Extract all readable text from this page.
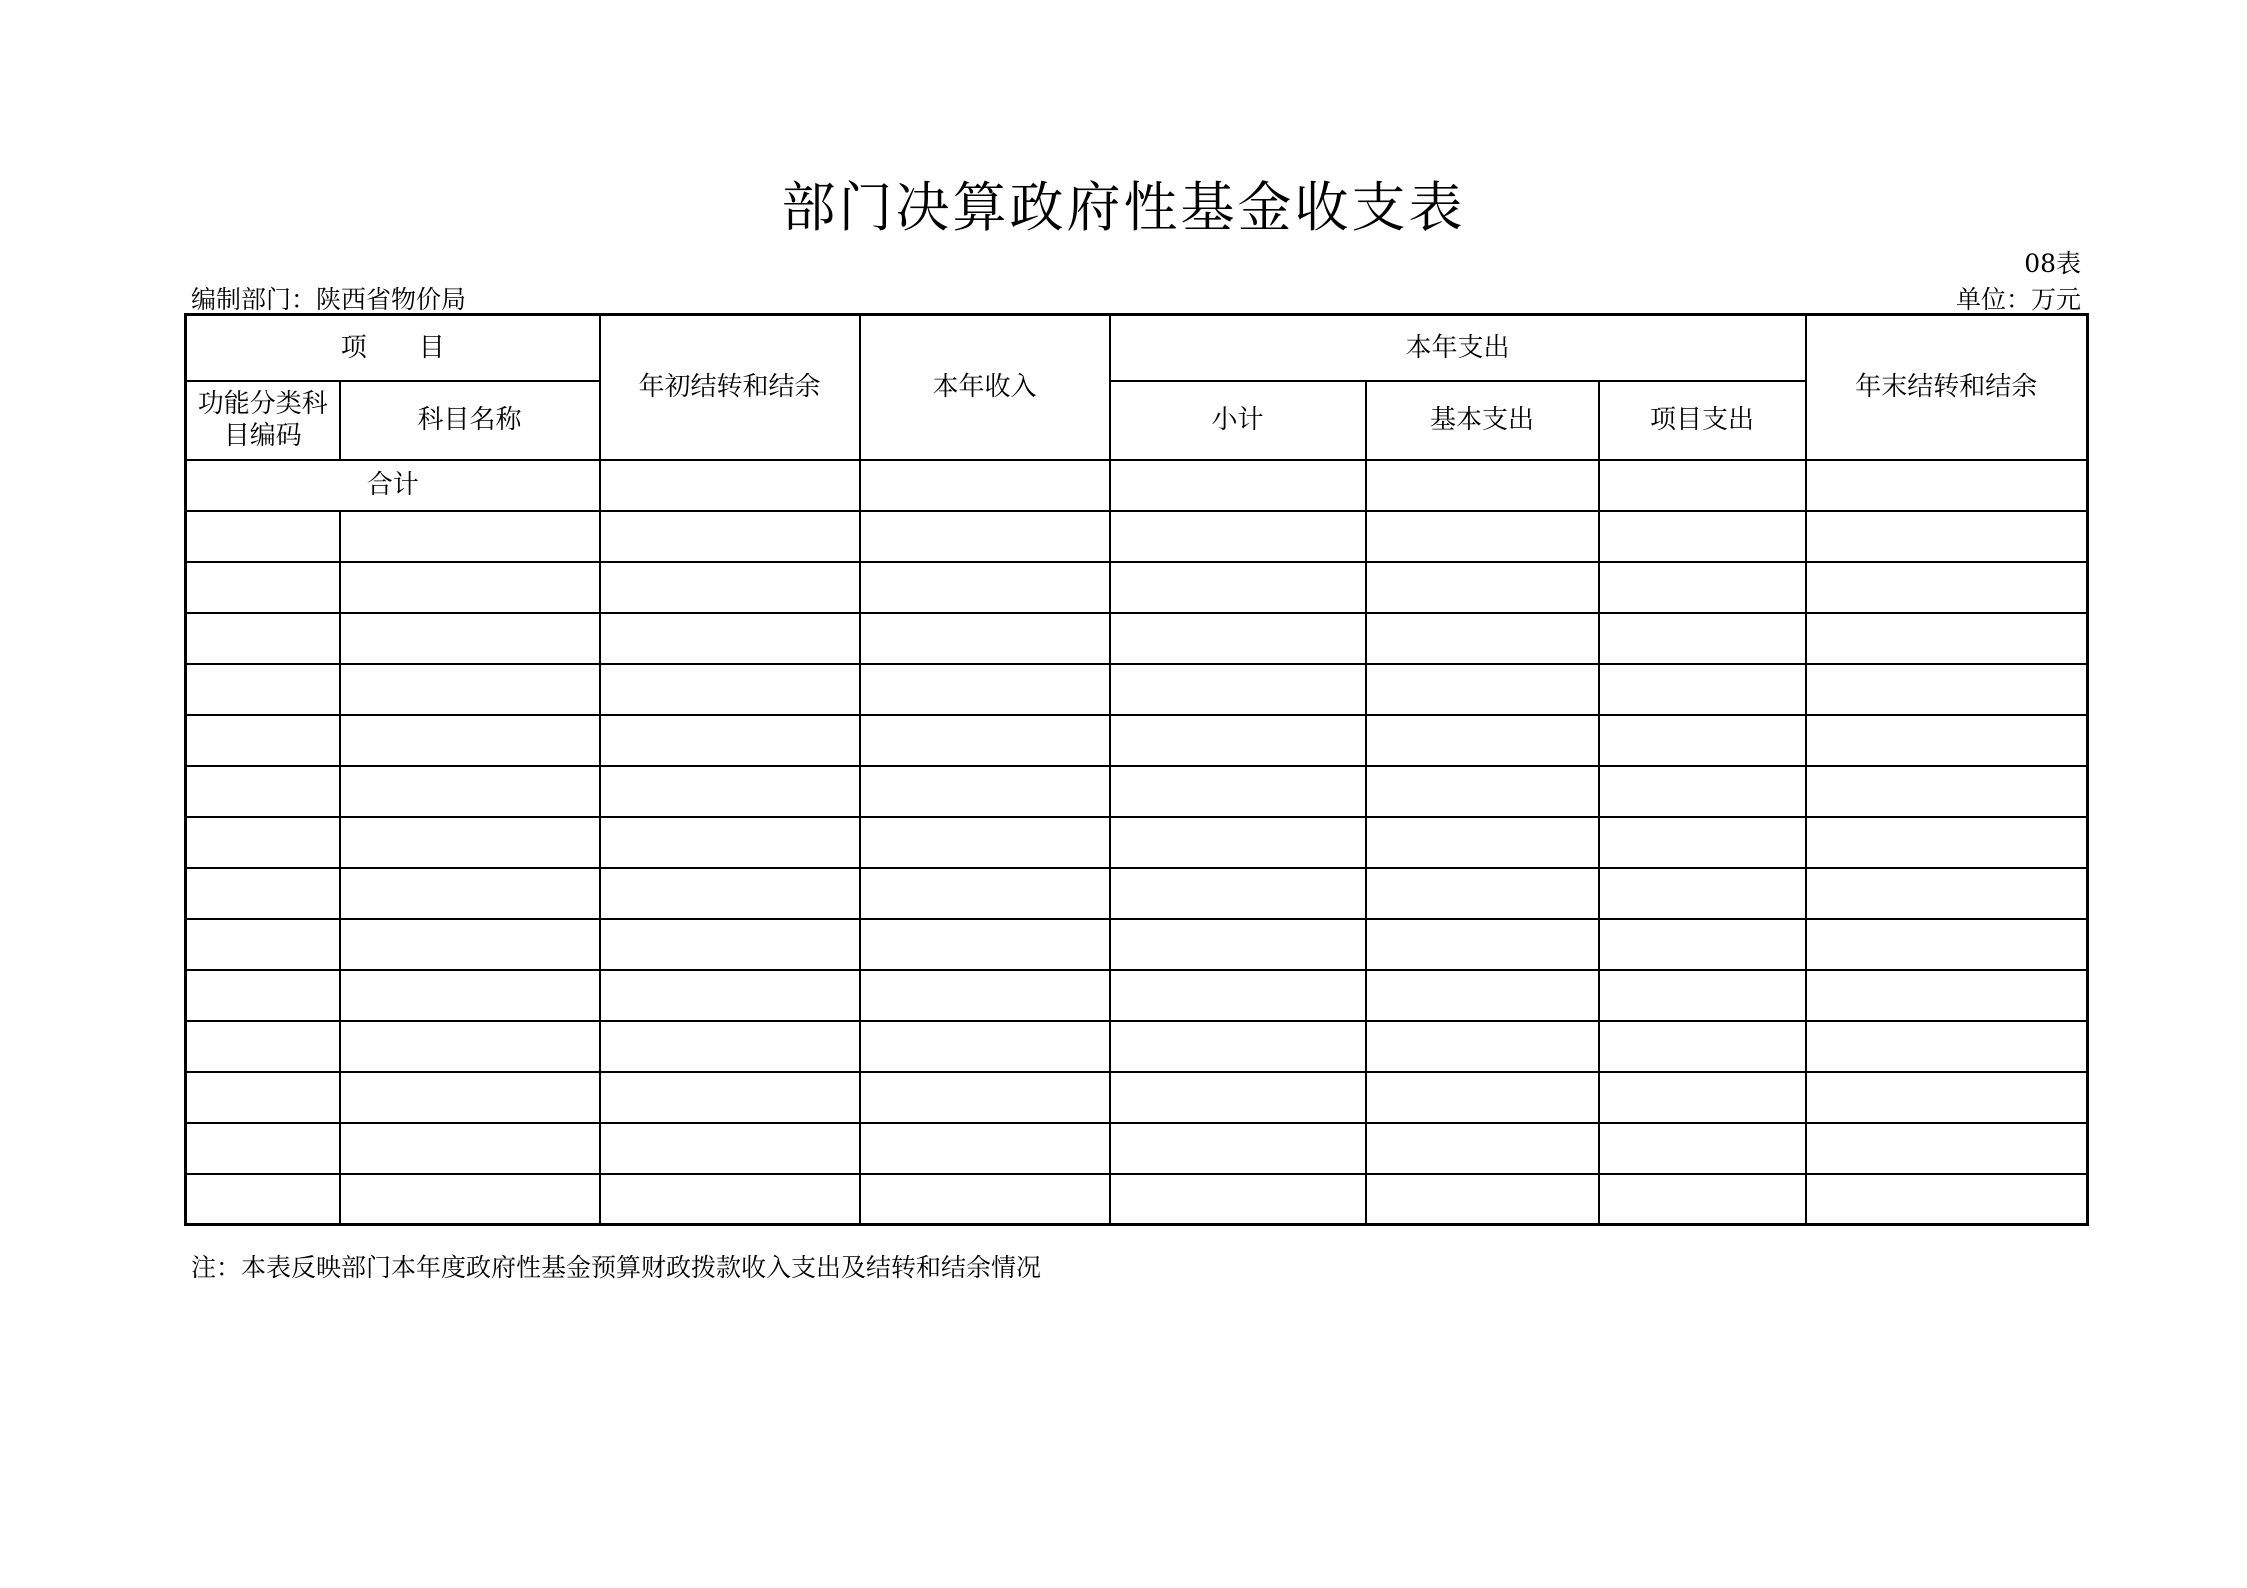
部门决算政府性基金收支表
08表
编制部门：陕西省物价局	单位：万元
项　　目		年初结转和结余	本年收入	本年支出			年末结转和结余
功能分类科目编码	科目名称			小计	基本支出	项目支出	
合计							

注：本表反映部门本年度政府性基金预算财政拨款收入支出及结转和结余情况
